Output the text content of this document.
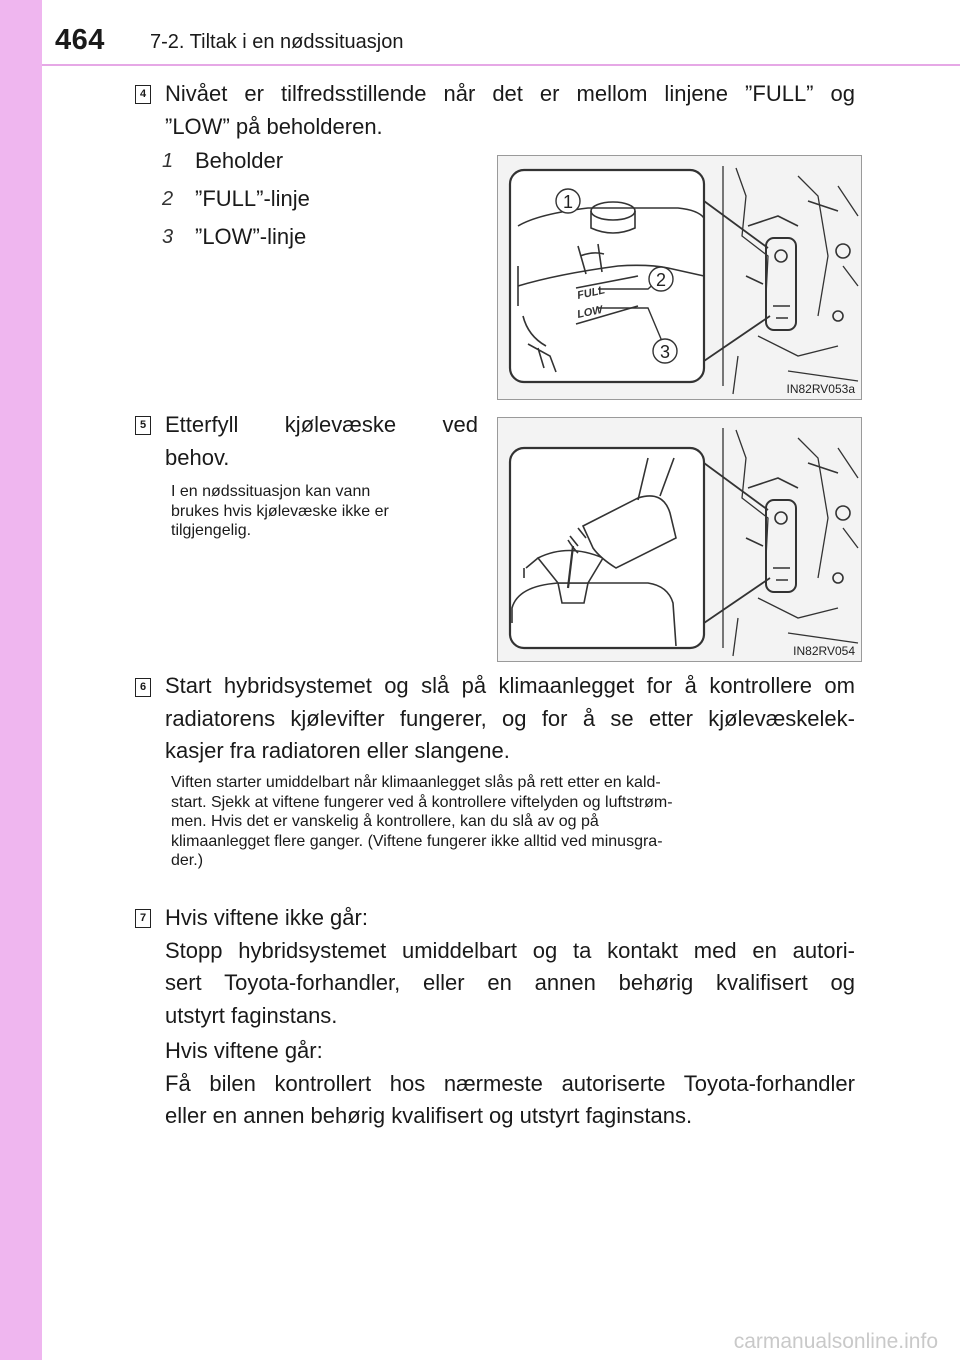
464 7-2. Tiltak i en nødssituasjon
4 Nivået er tilfredsstillende når det er mellom linjene ”FULL” og
”LOW” på beholderen.
1 Beholder
2 ”FULL”-linje
3 ”LOW”-linje
FULL
LOW
1
2
3
IN82RV053a
5 Etterfyll kjølevæske ved
behov.
I en nødssituasjon kan vann
brukes hvis kjølevæske ikke er
tilgjengelig.
IN82RV054
6 Start hybridsystemet og slå på klimaanlegget for å kontrollere om
radiatorens kjølevifter fungerer, og for å se etter kjølevæskelek-
kasjer fra radiatoren eller slangene.
Viften starter umiddelbart når klimaanlegget slås på rett etter en kald-
start. Sjekk at viftene fungerer ved å kontrollere viftelyden og luftstrøm-
men. Hvis det er vanskelig å kontrollere, kan du slå av og på
klimaanlegget flere ganger. (Viftene fungerer ikke alltid ved minusgra-
der.)
7 Hvis viftene ikke går:
Stopp hybridsystemet umiddelbart og ta kontakt med en autori-
sert Toyota-forhandler, eller en annen behørig kvalifisert og
utstyrt faginstans.
Hvis viftene går:
Få bilen kontrollert hos nærmeste autoriserte Toyota-forhandler
eller en annen behørig kvalifisert og utstyrt faginstans.
carmanualsonline.info
